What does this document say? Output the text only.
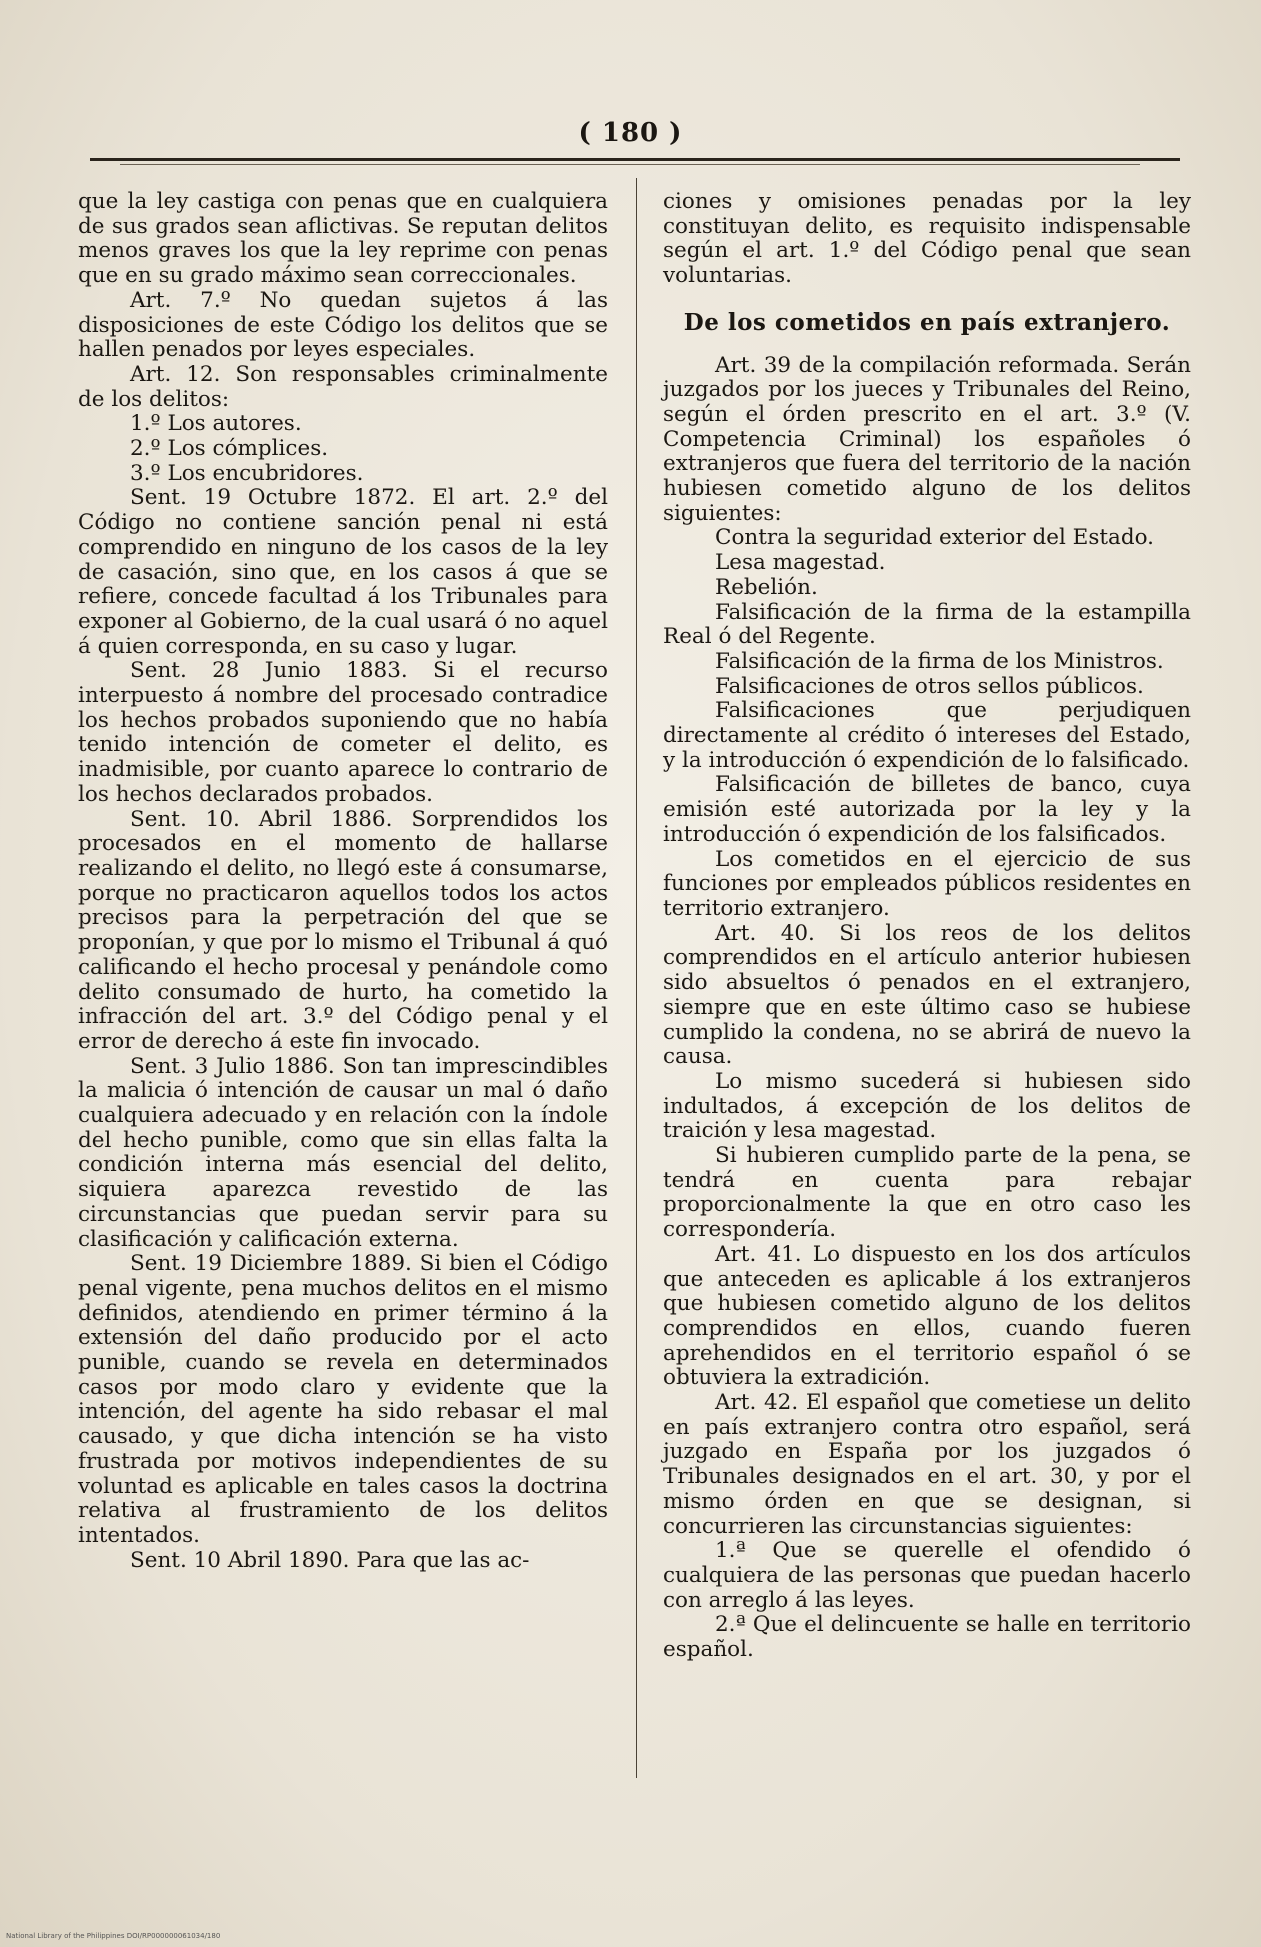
( 180 )

que la ley castiga con penas que en cualquiera de sus grados sean aflictivas. Se reputan delitos menos graves los que la ley reprime con penas que en su grado máximo sean correccionales.

Art. 7.º No quedan sujetos á las disposiciones de este Código los delitos que se hallen penados por leyes especiales.

Art. 12. Son responsables criminalmente de los delitos:

1.º Los autores.

2.º Los cómplices.

3.º Los encubridores.

Sent. 19 Octubre 1872. El art. 2.º del Código no contiene sanción penal ni está comprendido en ninguno de los casos de la ley de casación, sino que, en los casos á que se refiere, concede facultad á los Tribunales para exponer al Gobierno, de la cual usará ó no aquel á quien corresponda, en su caso y lugar.

Sent. 28 Junio 1883. Si el recurso interpuesto á nombre del procesado contradice los hechos probados suponiendo que no había tenido intención de cometer el delito, es inadmisible, por cuanto aparece lo contrario de los hechos declarados probados.

Sent. 10. Abril 1886. Sorprendidos los procesados en el momento de hallarse realizando el delito, no llegó este á consumarse, porque no practicaron aquellos todos los actos precisos para la perpetración del que se proponían, y que por lo mismo el Tribunal á quó calificando el hecho procesal y penándole como delito consumado de hurto, ha cometido la infracción del art. 3.º del Código penal y el error de derecho á este fin invocado.

Sent. 3 Julio 1886. Son tan imprescindibles la malicia ó intención de causar un mal ó daño cualquiera adecuado y en relación con la índole del hecho punible, como que sin ellas falta la condición interna más esencial del delito, siquiera aparezca revestido de las circunstancias que puedan servir para su clasificación y calificación externa.

Sent. 19 Diciembre 1889. Si bien el Código penal vigente, pena muchos delitos en el mismo definidos, atendiendo en primer término á la extensión del daño producido por el acto punible, cuando se revela en determinados casos por modo claro y evidente que la intención, del agente ha sido rebasar el mal causado, y que dicha intención se ha visto frustrada por motivos independientes de su voluntad es aplicable en tales casos la doctrina relativa al frustramiento de los delitos intentados.

Sent. 10 Abril 1890. Para que las ac-

ciones y omisiones penadas por la ley constituyan delito, es requisito indispensable según el art. 1.º del Código penal que sean voluntarias.

De los cometidos en país extranjero.

Art. 39 de la compilación reformada. Serán juzgados por los jueces y Tribunales del Reino, según el órden prescrito en el art. 3.º (V. Competencia Criminal) los españoles ó extranjeros que fuera del territorio de la nación hubiesen cometido alguno de los delitos siguientes:

Contra la seguridad exterior del Estado.

Lesa magestad.

Rebelión.

Falsificación de la firma de la estampilla Real ó del Regente.

Falsificación de la firma de los Ministros.

Falsificaciones de otros sellos públicos.

Falsificaciones que perjudiquen directamente al crédito ó intereses del Estado, y la introducción ó expendición de lo falsificado.

Falsificación de billetes de banco, cuya emisión esté autorizada por la ley y la introducción ó expendición de los falsificados.

Los cometidos en el ejercicio de sus funciones por empleados públicos residentes en territorio extranjero.

Art. 40. Si los reos de los delitos comprendidos en el artículo anterior hubiesen sido absueltos ó penados en el extranjero, siempre que en este último caso se hubiese cumplido la condena, no se abrirá de nuevo la causa.

Lo mismo sucederá si hubiesen sido indultados, á excepción de los delitos de traición y lesa magestad.

Si hubieren cumplido parte de la pena, se tendrá en cuenta para rebajar proporcionalmente la que en otro caso les correspondería.

Art. 41. Lo dispuesto en los dos artículos que anteceden es aplicable á los extranjeros que hubiesen cometido alguno de los delitos comprendidos en ellos, cuando fueren aprehendidos en el territorio español ó se obtuviera la extradición.

Art. 42. El español que cometiese un delito en país extranjero contra otro español, será juzgado en España por los juzgados ó Tribunales designados en el art. 30, y por el mismo órden en que se designan, si concurrieren las circunstancias siguientes:

1.ª Que se querelle el ofendido ó cualquiera de las personas que puedan hacerlo con arreglo á las leyes.

2.ª Que el delincuente se halle en territorio español.

National Library of the Philippines DOI/RP000000061034/180
